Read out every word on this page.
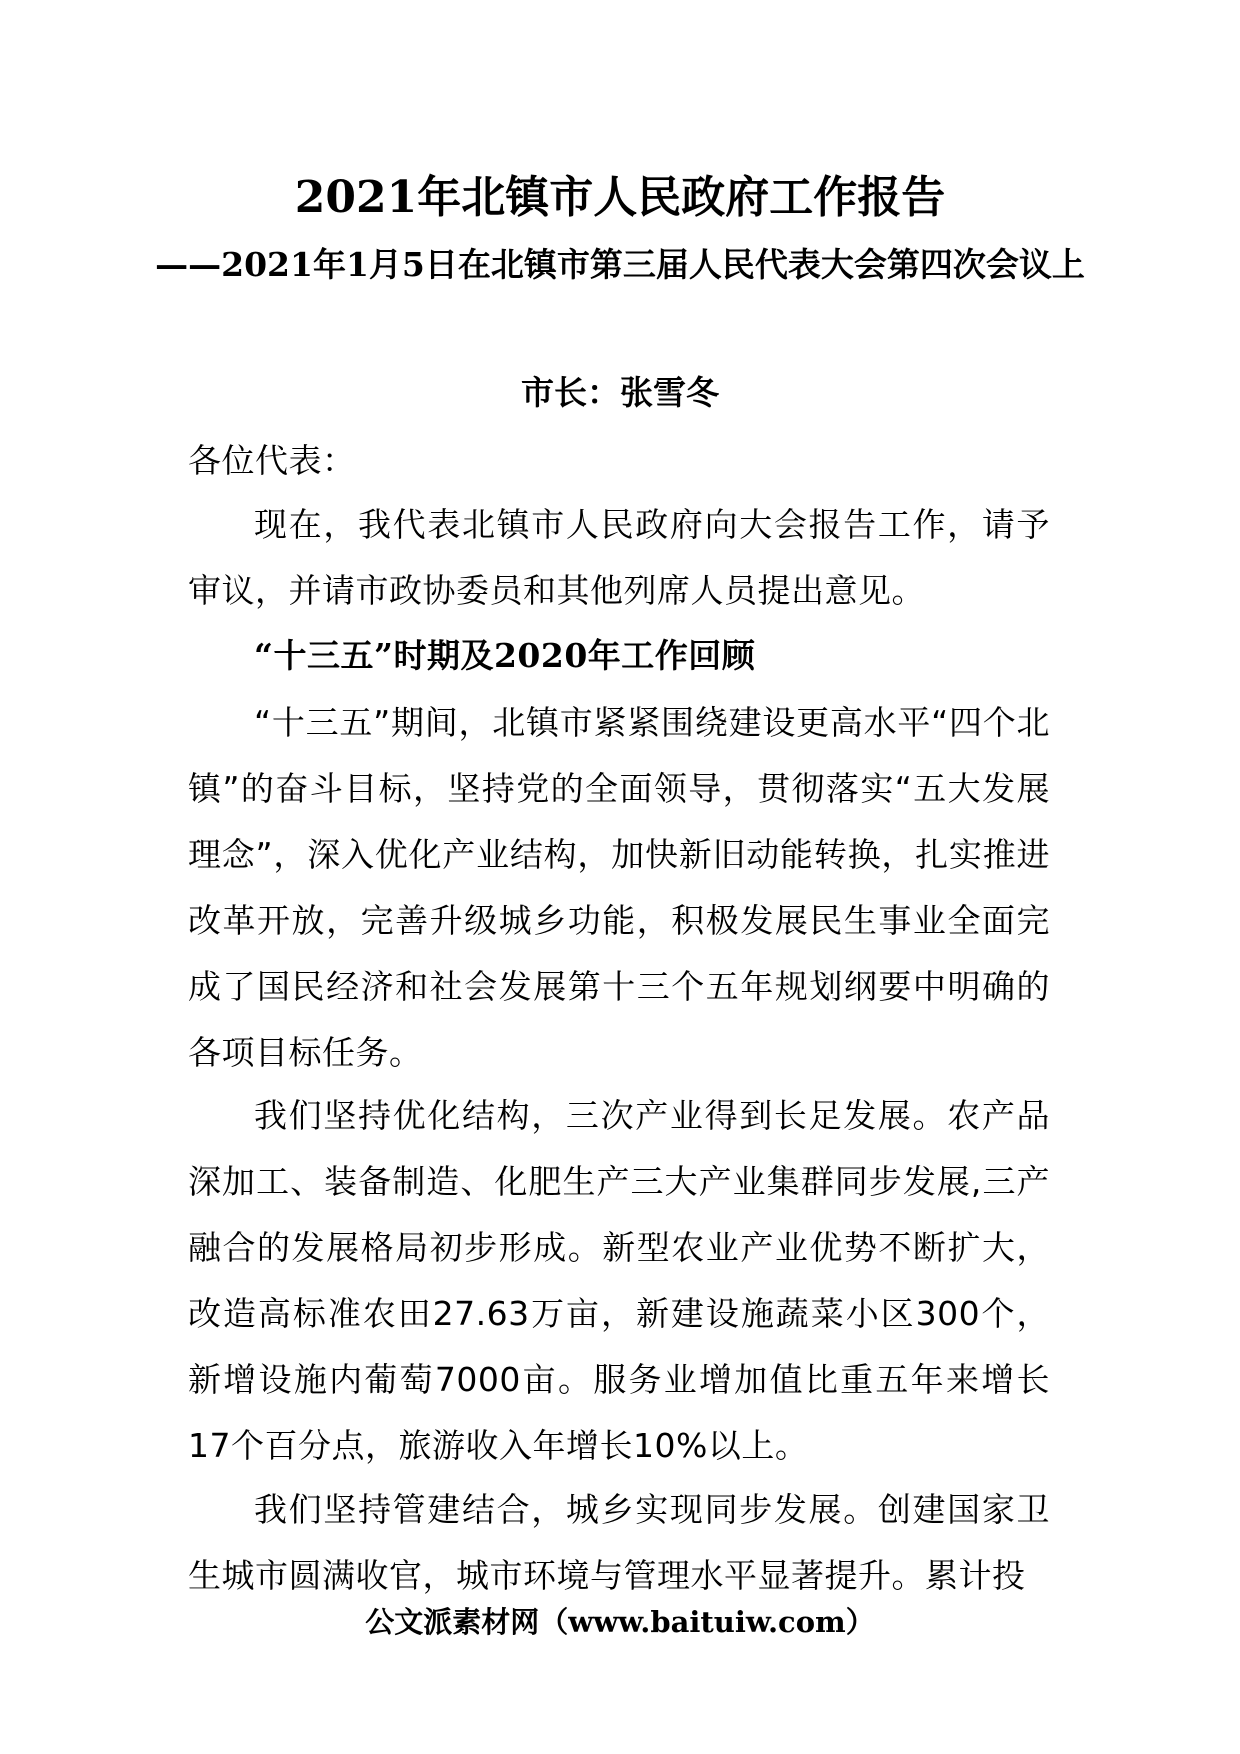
2021年北镇市人民政府工作报告
——2021年1月5日在北镇市第三届人民代表大会第四次会议上
市长：张雪冬
各位代表：
现在，我代表北镇市人民政府向大会报告工作，请予审议，并请市政协委员和其他列席人员提出意见。
“十三五”时期及2020年工作回顾
“十三五”期间，北镇市紧紧围绕建设更高水平“四个北镇”的奋斗目标，坚持党的全面领导，贯彻落实“五大发展理念”，深入优化产业结构，加快新旧动能转换，扎实推进改革开放，完善升级城乡功能，积极发展民生事业全面完成了国民经济和社会发展第十三个五年规划纲要中明确的各项目标任务。
我们坚持优化结构，三次产业得到长足发展。农产品深加工、装备制造、化肥生产三大产业集群同步发展,三产融合的发展格局初步形成。新型农业产业优势不断扩大，改造高标准农田27.63万亩，新建设施蔬菜小区300个，新增设施内葡萄7000亩。服务业增加值比重五年来增长17个百分点，旅游收入年增长10%以上。
我们坚持管建结合，城乡实现同步发展。创建国家卫生城市圆满收官，城市环境与管理水平显著提升。累计投
公文派素材网（www.baituiw.com）
